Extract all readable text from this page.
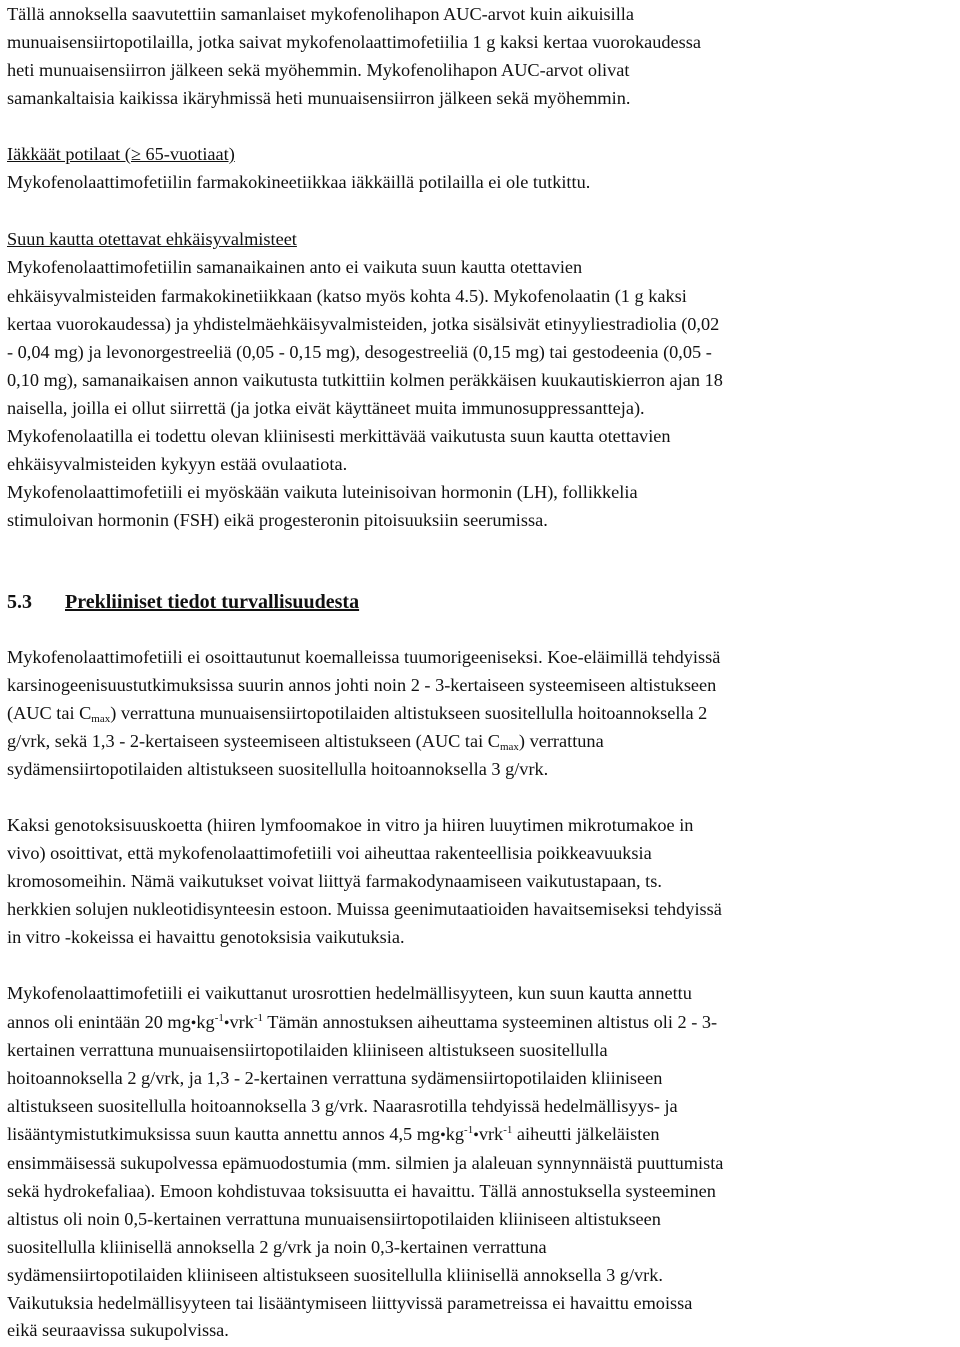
Tällä annoksella saavutettiin samanlaiset mykofenolihapon AUC-arvot kuin aikuisilla
munuaisensiirtopotilailla, jotka saivat mykofenolaattimofetiilia 1 g kaksi kertaa vuorokaudessa
heti munuaisensiirron jälkeen sekä myöhemmin. Mykofenolihapon AUC-arvot olivat
samankaltaisia kaikissa ikäryhmissä heti munuaisensiirron jälkeen sekä myöhemmin.
Iäkkäät potilaat (≥ 65-vuotiaat)
Mykofenolaattimofetiilin farmakokineetiikkaa iäkkäillä potilailla ei ole tutkittu.
Suun kautta otettavat ehkäisyvalmisteet
Mykofenolaattimofetiilin samanaikainen anto ei vaikuta suun kautta otettavien
ehkäisyvalmisteiden farmakokinetiikkaan (katso myös kohta 4.5). Mykofenolaatin (1 g kaksi
kertaa vuorokaudessa) ja yhdistelmäehkäisyvalmisteiden, jotka sisälsivät etinyyliestradiolia (0,02
- 0,04 mg) ja levonorgestreeliä (0,05 - 0,15 mg), desogestreeliä (0,15 mg) tai gestodeenia (0,05 -
0,10 mg), samanaikaisen annon vaikutusta tutkittiin kolmen peräkkäisen kuukautiskierron ajan 18
naisella, joilla ei ollut siirrettä (ja jotka eivät käyttäneet muita immunosuppressantteja).
Mykofenolaatilla ei todettu olevan kliinisesti merkittävää vaikutusta suun kautta otettavien
ehkäisyvalmisteiden kykyyn estää ovulaatiota.
Mykofenolaattimofetiili ei myöskään vaikuta luteinisoivan hormonin (LH), follikkelia
stimuloivan hormonin (FSH) eikä progesteronin pitoisuuksiin seerumissa.
5.3 Prekliiniset tiedot turvallisuudesta
Mykofenolaattimofetiili ei osoittautunut koemalleissa tuumorigeeniseksi. Koe-eläimillä tehdyissä
karsinogeenisuustutkimuksissa suurin annos johti noin 2 - 3-kertaiseen systeemiseen altistukseen
(AUC tai $C_{max}$) verrattuna munuaisensiirtopotilaiden altistukseen suositellulla hoitoannoksella 2
g/vrk, sekä 1,3 - 2-kertaiseen systeemiseen altistukseen (AUC tai $C_{max}$) verrattuna
sydämensiirtopotilaiden altistukseen suositellulla hoitoannoksella 3 g/vrk.
Kaksi genotoksisuuskoetta (hiiren lymfoomakoe in vitro ja hiiren luuytimen mikrotumakoe in
vivo) osoittivat, että mykofenolaattimofetiili voi aiheuttaa rakenteellisia poikkeavuuksia
kromosomeihin. Nämä vaikutukset voivat liittyä farmakodynaamiseen vaikutustapaan, ts.
herkkien solujen nukleotidisynteesin estoon. Muissa geenimutaatioiden havaitsemiseksi tehdyissä
in vitro -kokeissa ei havaittu genotoksisia vaikutuksia.
Mykofenolaattimofetiili ei vaikuttanut urosrottien hedelmällisyyteen, kun suun kautta annettu
annos oli enintään 20 $mg•kg^{-1}•vrk^{-1}$ Tämän annostuksen aiheuttama systeeminen altistus oli 2 - 3-
kertainen verrattuna munuaisensiirtopotilaiden kliiniseen altistukseen suositellulla
hoitoannoksella 2 g/vrk, ja 1,3 - 2-kertainen verrattuna sydämensiirtopotilaiden kliiniseen
altistukseen suositellulla hoitoannoksella 3 g/vrk. Naarasrotilla tehdyissä hedelmällisyys- ja
lisääntymistutkimuksissa suun kautta annettu annos 4,5 $mg•kg^{-1}•vrk^{-1}$ aiheutti jälkeläisten
ensimmäisessä sukupolvessa epämuodostumia (mm. silmien ja alaleuan synnynnäistä puuttumista
sekä hydrokefaliaa). Emoon kohdistuvaa toksisuutta ei havaittu. Tällä annostuksella systeeminen
altistus oli noin 0,5-kertainen verrattuna munuaisensiirtopotilaiden kliiniseen altistukseen
suositellulla kliinisellä annoksella 2 g/vrk ja noin 0,3-kertainen verrattuna
sydämensiirtopotilaiden kliiniseen altistukseen suositellulla kliinisellä annoksella 3 g/vrk.
Vaikutuksia hedelmällisyyteen tai lisääntymiseen liittyvissä parametreissa ei havaittu emoissa
eikä seuraavissa sukupolvissa.
